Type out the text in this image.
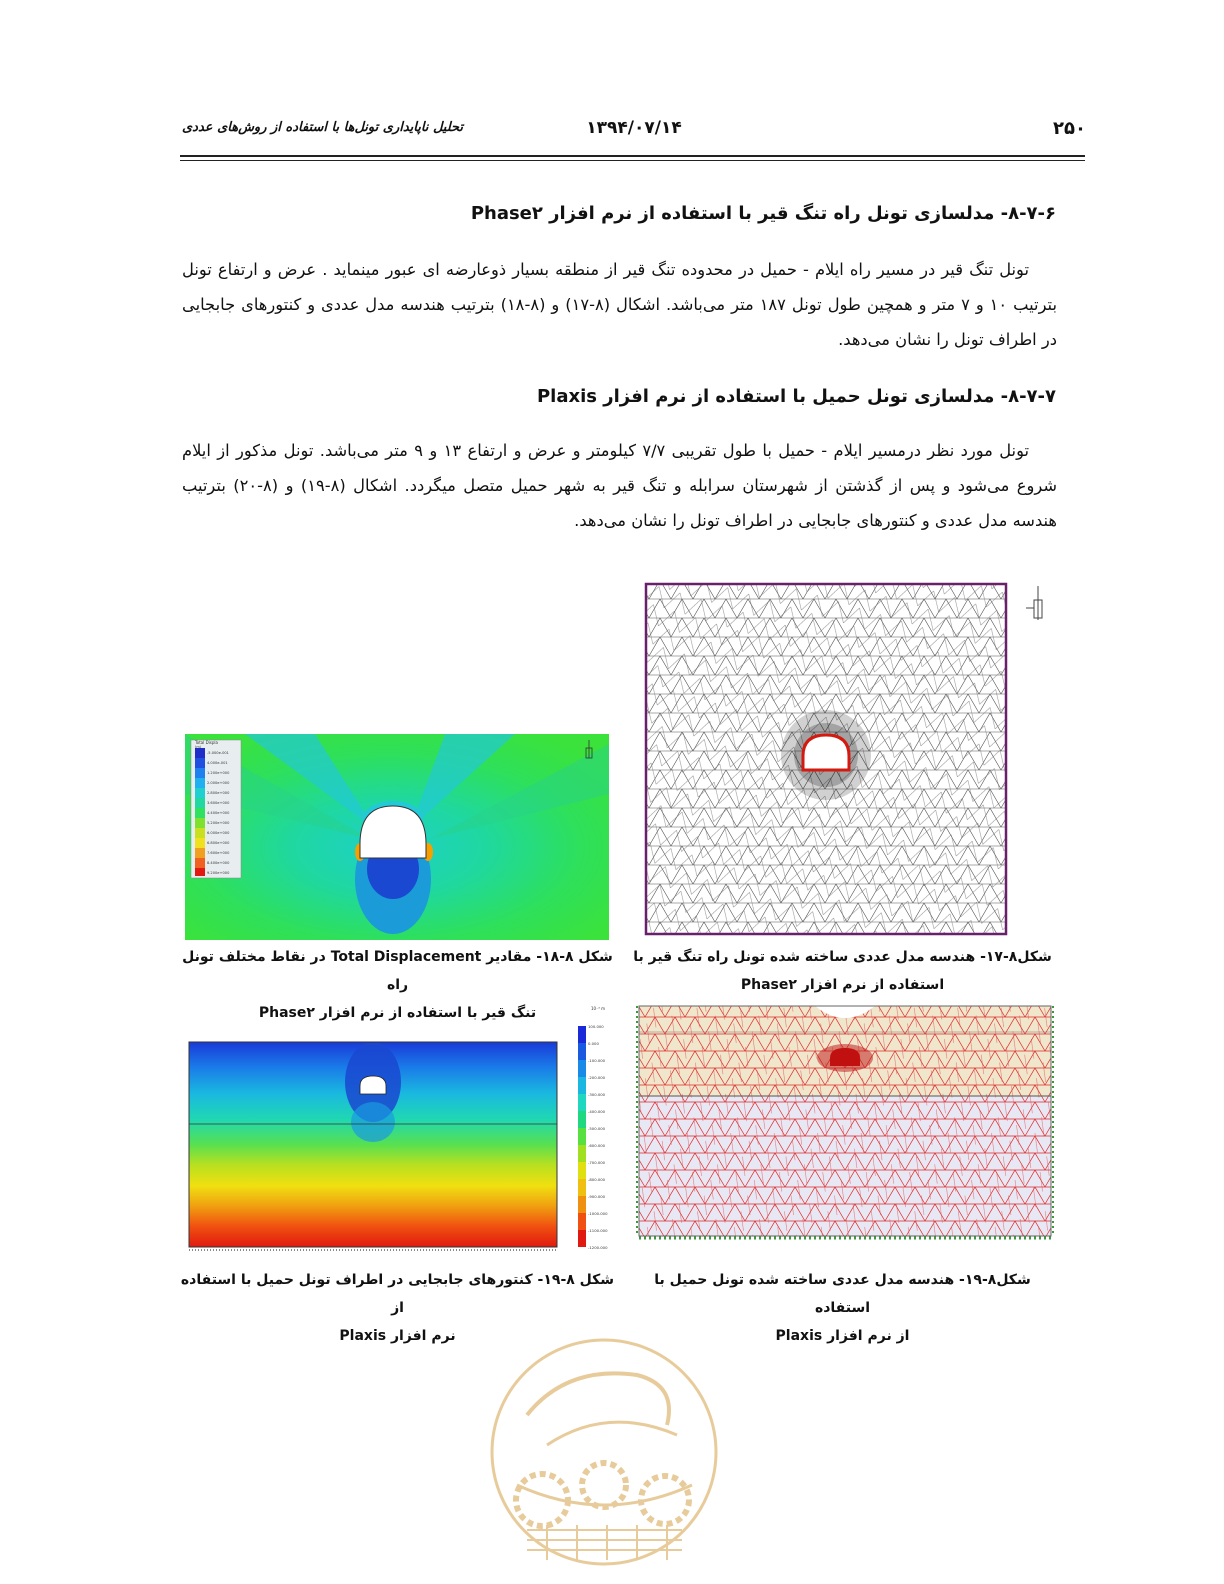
۲۵۰
۱۳۹۴/۰۷/۱۴
تحلیل ناپایداری تونل‌ها با استفاده از روش‌های عددی
۸-۷-۶- مدلسازی تونل راه تنگ قیر با استفاده از نرم افزار Phase۲

تونل تنگ قیر در مسیر راه ایلام - حمیل در محدوده تنگ قیر از منطقه بسیار ذوعارضه ای عبور مینماید . عرض و ارتفاع تونل بترتیب ۱۰ و ۷ متر و همچین طول تونل ۱۸۷ متر می‌باشد. اشکال (۸-۱۷) و (۸-۱۸) بترتیب هندسه مدل عددی و کنتورهای جابجایی در اطراف تونل را نشان می‌دهد.

۸-۷-۷- مدلسازی تونل حمیل با استفاده از نرم افزار Plaxis

تونل مورد نظر درمسیر ایلام - حمیل با طول تقریبی ۷/۷ کیلومتر و عرض و ارتفاع ۱۳ و ۹ متر می‌باشد. تونل مذکور از ایلام شروع می‌شود و پس از گذشتن از شهرستان سرابله و تنگ قیر به شهر حمیل متصل میگردد. اشکال (۸-۱۹) و (۸-۲۰) بترتیب هندسه مدل عددی و کنتورهای جابجایی در اطراف تونل را نشان می‌دهد.

Total Displa
(m)
-5.000e-001
4.000e-001
1.200e+000
2.000e+000
2.800e+000
3.600e+000
4.400e+000
5.200e+000
6.000e+000
6.800e+000
7.600e+000
8.400e+000
9.200e+000
شکل۸-۱۷- هندسه مدل عددی ساخته شده تونل راه تنگ قیر با
استفاده از نرم افزار Phase۲
شکل ۸-۱۸- مقادیر Total Displacement در نقاط مختلف تونل راه
تنگ قیر با استفاده از نرم افزار Phase۲	10⁻³ m
100.000
0.000
-100.000
-200.000
-300.000
-400.000
-500.000
-600.000
-700.000
-800.000
-900.000
-1000.000
-1100.000
-1200.000
شکل۸-۱۹- هندسه مدل عددی ساخته شده تونل حمیل با استفاده
از نرم افزار Plaxis
شکل ۸-۱۹- کنتورهای جابجایی در اطراف تونل حمیل با استفاده از
نرم افزار Plaxis
